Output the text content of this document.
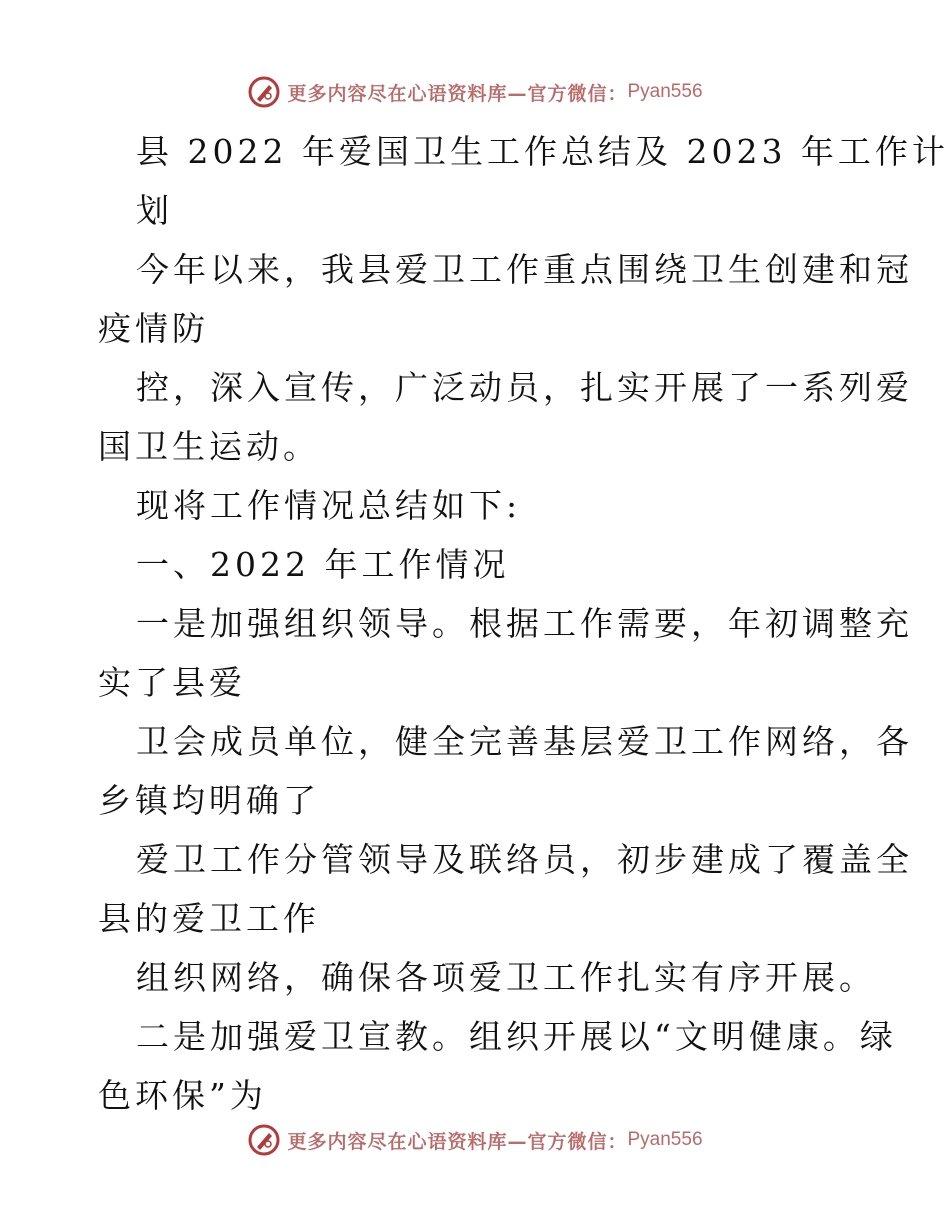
更多内容尽在心语资料库—官方微信： Pyan556
县 2022 年爱国卫生工作总结及 2023 年工作计
划
今年以来，我县爱卫工作重点围绕卫生创建和冠
疫情防
控，深入宣传，广泛动员，扎实开展了一系列爱
国卫生运动。
现将工作情况总结如下:
一、2022 年工作情况
一是加强组织领导。根据工作需要，年初调整充
实了县爱
卫会成员单位，健全完善基层爱卫工作网络，各
乡镇均明确了
爱卫工作分管领导及联络员，初步建成了覆盖全
县的爱卫工作
组织网络，确保各项爱卫工作扎实有序开展。
二是加强爱卫宣教。组织开展以“文明健康。绿
色环保”为
更多内容尽在心语资料库—官方微信： Pyan556
